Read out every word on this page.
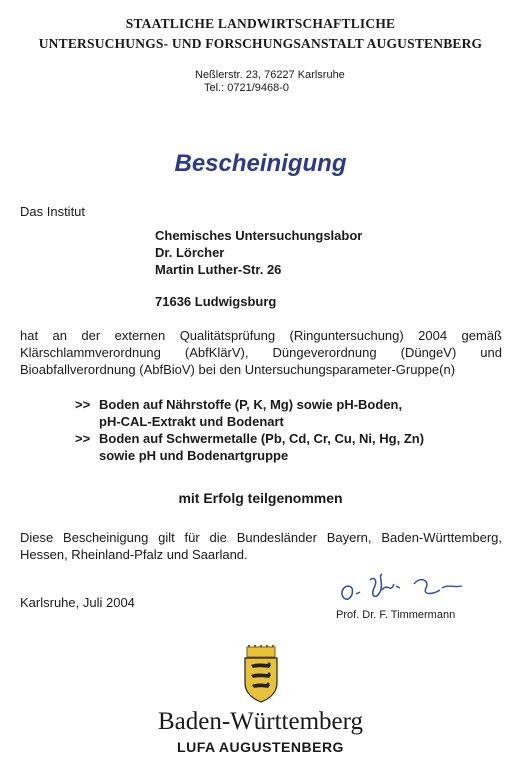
STAATLICHE LANDWIRTSCHAFTLICHE
UNTERSUCHUNGS- UND FORSCHUNGSANSTALT AUGUSTENBERG
Neßlerstr. 23, 76227 Karlsruhe
Tel.: 0721/9468-0
Bescheinigung
Das Institut
Chemisches Untersuchungslabor
Dr. Lörcher
Martin Luther-Str. 26
71636 Ludwigsburg
hat an der externen Qualitätsprüfung (Ringuntersuchung) 2004 gemäß Klärschlammverordnung (AbfKlärV), Düngeverordnung (DüngeV) und Bioabfallverordnung (AbfBioV) bei den Untersuchungsparameter-Gruppe(n)
>> Boden auf Nährstoffe (P, K, Mg) sowie pH-Boden,
pH-CAL-Extrakt und Bodenart
>> Boden auf Schwermetalle (Pb, Cd, Cr, Cu, Ni, Hg, Zn)
sowie pH und Bodenartgruppe
mit Erfolg teilgenommen
Diese Bescheinigung gilt für die Bundesländer Bayern, Baden-Württemberg, Hessen, Rheinland-Pfalz und Saarland.
Karlsruhe, Juli 2004
Prof. Dr. F. Timmermann
Baden-Württemberg
LUFA AUGUSTENBERG
